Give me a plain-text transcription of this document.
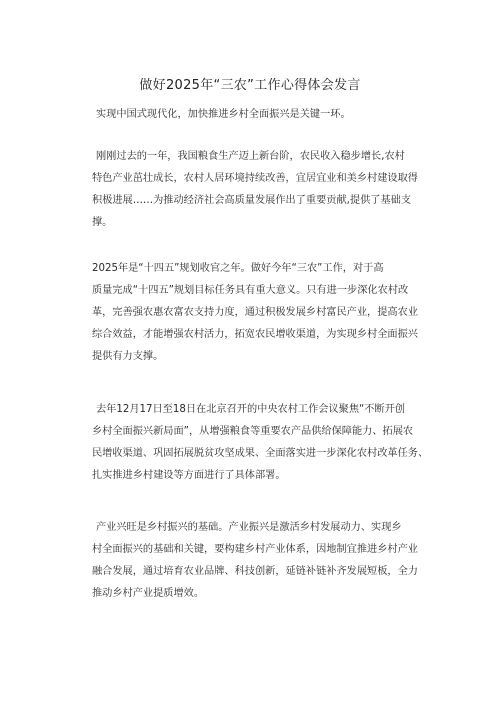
做好2025年“三农”工作心得体会发言
实现中国式现代化，加快推进乡村全面振兴是关键一环。
刚刚过去的一年，我国粮食生产迈上新台阶，农民收入稳步增长,农村
特色产业茁壮成长，农村人居环境持续改善，宜居宜业和美乡村建设取得
积极进展……为推动经济社会高质量发展作出了重要贡献,提供了基础支
撑。
2025年是“十四五”规划收官之年。做好今年“三农”工作，对于高
质量完成“十四五”规划目标任务具有重大意义。只有进一步深化农村改
革，完善强农惠农富农支持力度，通过积极发展乡村富民产业，提高农业
综合效益，才能增强农村活力，拓宽农民增收渠道，为实现乡村全面振兴
提供有力支撑。
去年12月17日至18日在北京召开的中央农村工作会议聚焦“不断开创
乡村全面振兴新局面”，从增强粮食等重要农产品供给保障能力、拓展农
民增收渠道、巩固拓展脱贫攻坚成果、全面落实进一步深化农村改革任务、
扎实推进乡村建设等方面进行了具体部署。
产业兴旺是乡村振兴的基础。产业振兴是激活乡村发展动力、实现乡
村全面振兴的基础和关键，要构建乡村产业体系，因地制宜推进乡村产业
融合发展，通过培育农业品牌、科技创新，延链补链补齐发展短板，全力
推动乡村产业提质增效。
